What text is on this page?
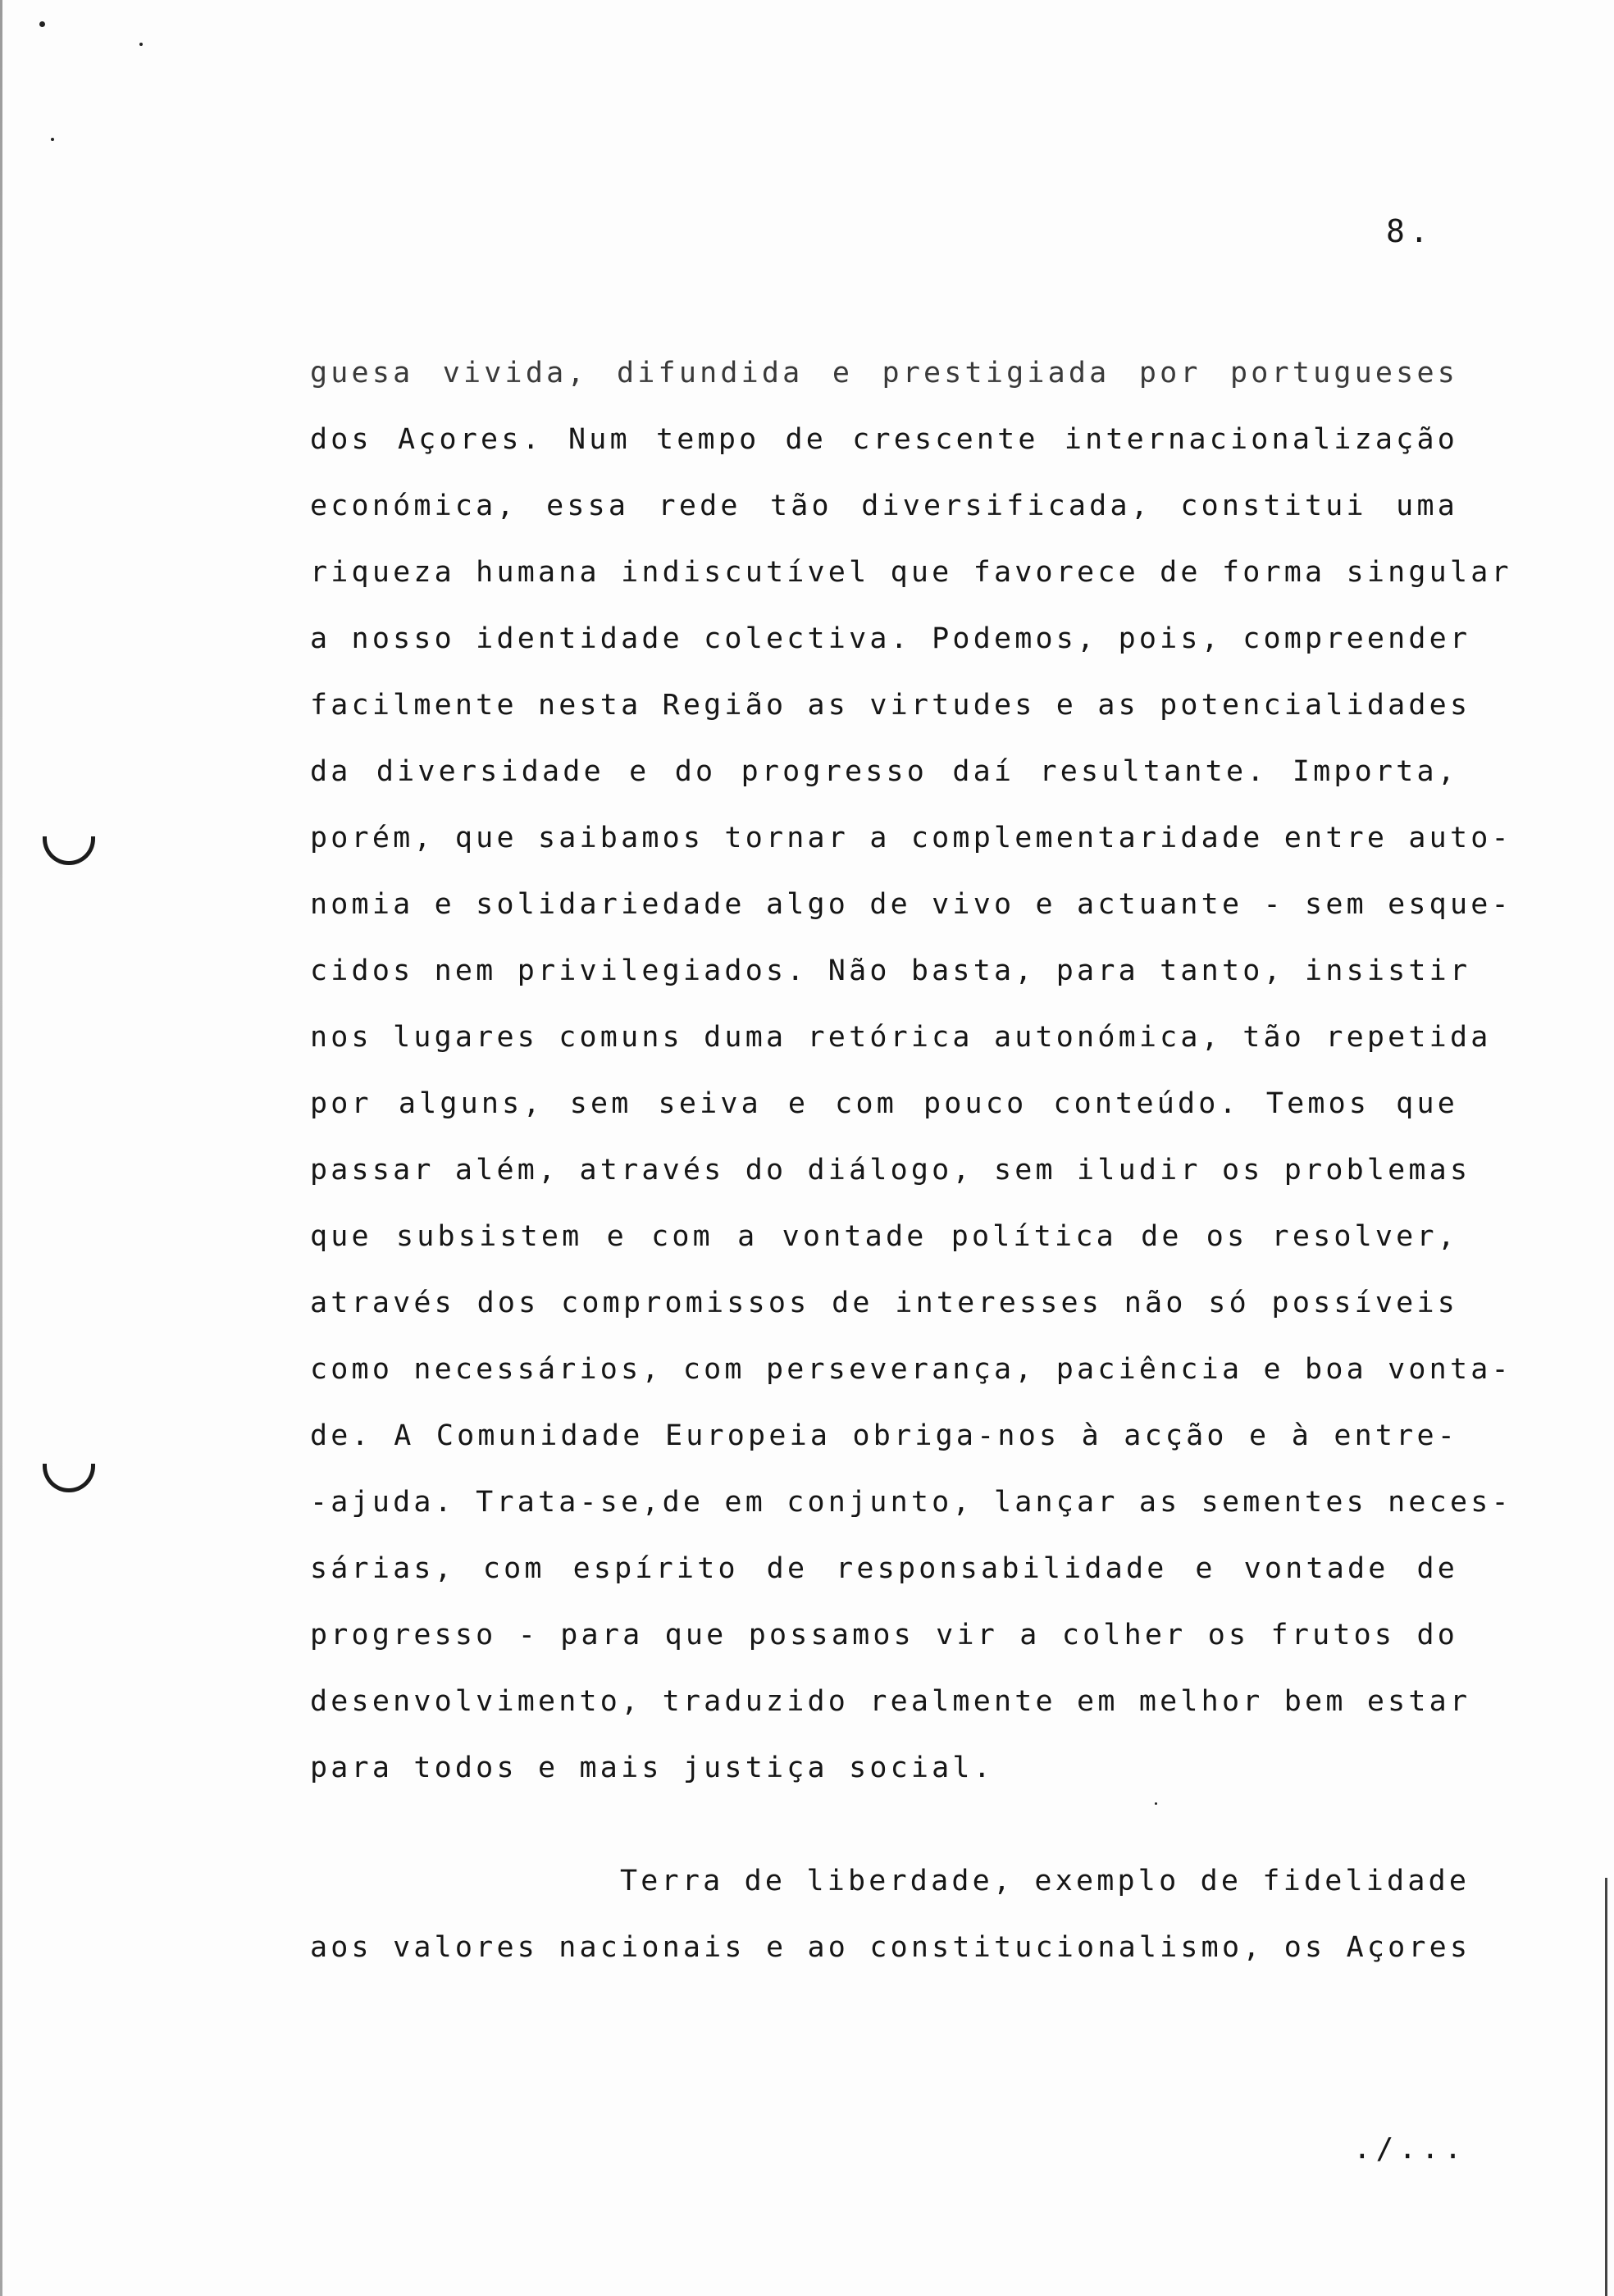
8.
guesa vivida, difundida e prestigiada por portugueses
dos Açores. Num tempo de crescente internacionalização
económica, essa rede tão diversificada, constitui uma
riqueza humana indiscutível que favorece de forma singular
a nosso identidade colectiva. Podemos, pois, compreender
facilmente nesta Região as virtudes e as potencialidades
da diversidade e do progresso daí resultante. Importa,
porém, que saibamos tornar a complementaridade entre auto-
nomia e solidariedade algo de vivo e actuante - sem esque-
cidos nem privilegiados. Não basta, para tanto, insistir
nos lugares comuns duma retórica autonómica, tão repetida
por alguns, sem seiva e com pouco conteúdo. Temos que
passar além, através do diálogo, sem iludir os problemas
que subsistem e com a vontade política de os resolver,
através dos compromissos de interesses não só possíveis
como necessários, com perseverança, paciência e boa vonta-
de. A Comunidade Europeia obriga-nos à acção e à entre-
-ajuda. Trata-se,de em conjunto, lançar as sementes neces-
sárias, com espírito de responsabilidade e vontade de
progresso - para que possamos vir a colher os frutos do
desenvolvimento, traduzido realmente em melhor bem estar
para todos e mais justiça social.
Terra de liberdade, exemplo de fidelidade
aos valores nacionais e ao constitucionalismo, os Açores
./...
